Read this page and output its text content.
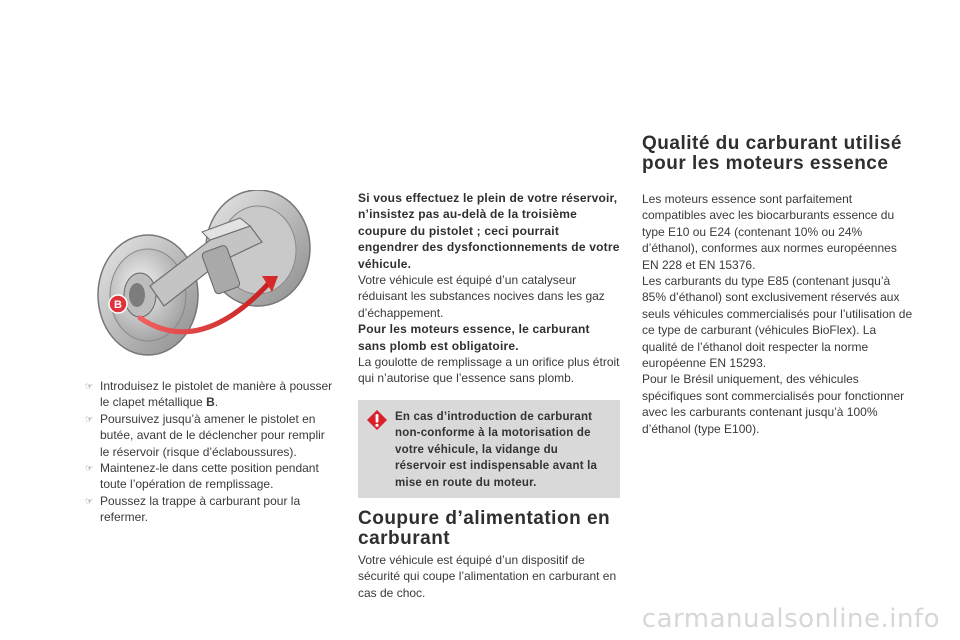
B

☞ Introduisez le pistolet de manière à pousser le clapet métallique B.

☞ Poursuivez jusqu’à amener le pistolet en butée, avant de le déclencher pour remplir le réservoir (risque d’éclaboussures).

☞ Maintenez-le dans cette position pendant toute l’opération de remplissage.

☞ Poussez la trappe à carburant pour la refermer.

Si vous effectuez le plein de votre réservoir, n’insistez pas au-delà de la troisième coupure du pistolet ; ceci pourrait engendrer des dysfonctionnements de votre véhicule.

Votre véhicule est équipé d’un catalyseur réduisant les substances nocives dans les gaz d’échappement.

Pour les moteurs essence, le carburant sans plomb est obligatoire.

La goulotte de remplissage a un orifice plus étroit qui n’autorise que l’essence sans plomb.

En cas d’introduction de carburant non-conforme à la motorisation de votre véhicule, la vidange du réservoir est indispensable avant la mise en route du moteur.
Coupure d’alimentation en carburant

Votre véhicule est équipé d’un dispositif de sécurité qui coupe l’alimentation en carburant en cas de choc.

Qualité du carburant utilisé pour les moteurs essence

Les moteurs essence sont parfaitement compatibles avec les biocarburants essence du type E10 ou E24 (contenant 10% ou 24% d’éthanol), conformes aux normes européennes EN 228 et EN 15376.

Les carburants du type E85 (contenant jusqu’à 85% d’éthanol) sont exclusivement réservés aux seuls véhicules commercialisés pour l’utilisation de ce type de carburant (véhicules BioFlex). La qualité de l’éthanol doit respecter la norme européenne EN 15293.

Pour le Brésil uniquement, des véhicules spécifiques sont commercialisés pour fonctionner avec les carburants contenant jusqu’à 100% d’éthanol (type E100).

carmanualsonline.info
